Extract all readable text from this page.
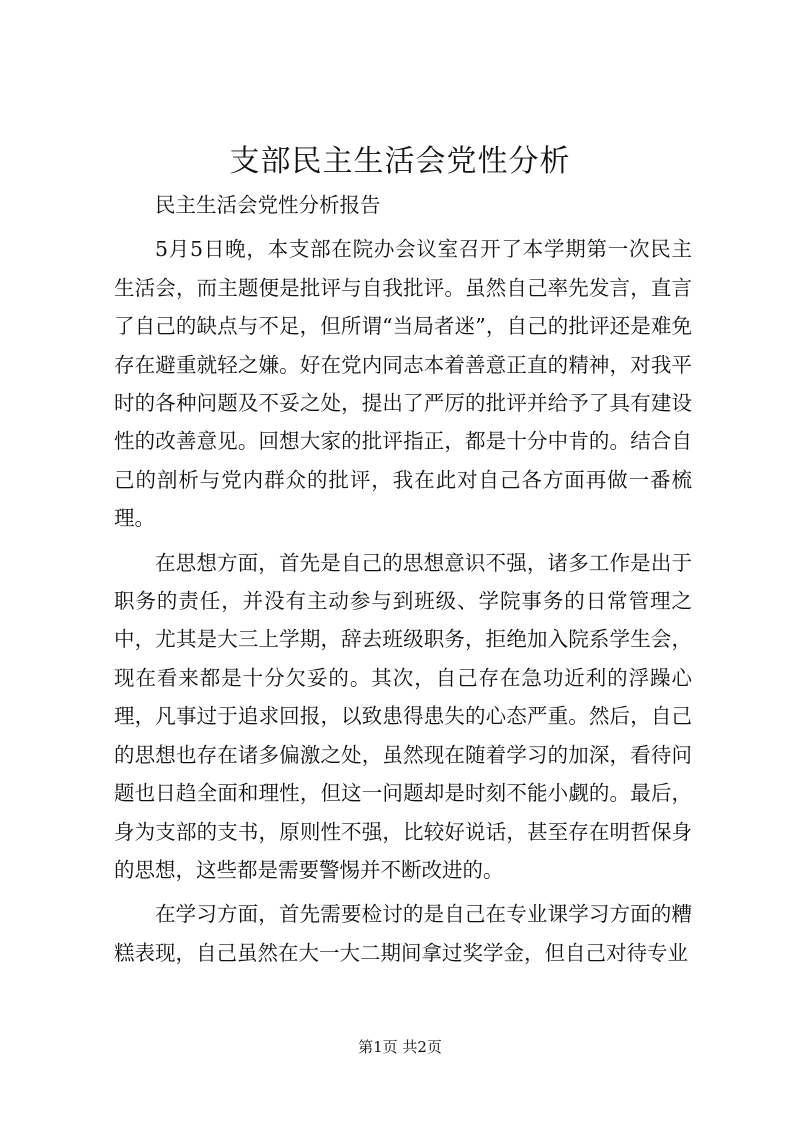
支部民主生活会党性分析

民主生活会党性分析报告

5月5日晚，本支部在院办会议室召开了本学期第一次民主生活会，而主题便是批评与自我批评。虽然自己率先发言，直言了自己的缺点与不足，但所谓“当局者迷”，自己的批评还是难免存在避重就轻之嫌。好在党内同志本着善意正直的精神，对我平时的各种问题及不妥之处，提出了严厉的批评并给予了具有建设性的改善意见。回想大家的批评指正，都是十分中肯的。结合自己的剖析与党内群众的批评，我在此对自己各方面再做一番梳理。

在思想方面，首先是自己的思想意识不强，诸多工作是出于职务的责任，并没有主动参与到班级、学院事务的日常管理之中，尤其是大三上学期，辞去班级职务，拒绝加入院系学生会，现在看来都是十分欠妥的。其次，自己存在急功近利的浮躁心理，凡事过于追求回报，以致患得患失的心态严重。然后，自己的思想也存在诸多偏激之处，虽然现在随着学习的加深，看待问题也日趋全面和理性，但这一问题却是时刻不能小觑的。最后，身为支部的支书，原则性不强，比较好说话，甚至存在明哲保身的思想，这些都是需要警惕并不断改进的。

在学习方面，首先需要检讨的是自己在专业课学习方面的糟糕表现，自己虽然在大一大二期间拿过奖学金，但自己对待专业

第1页 共2页
